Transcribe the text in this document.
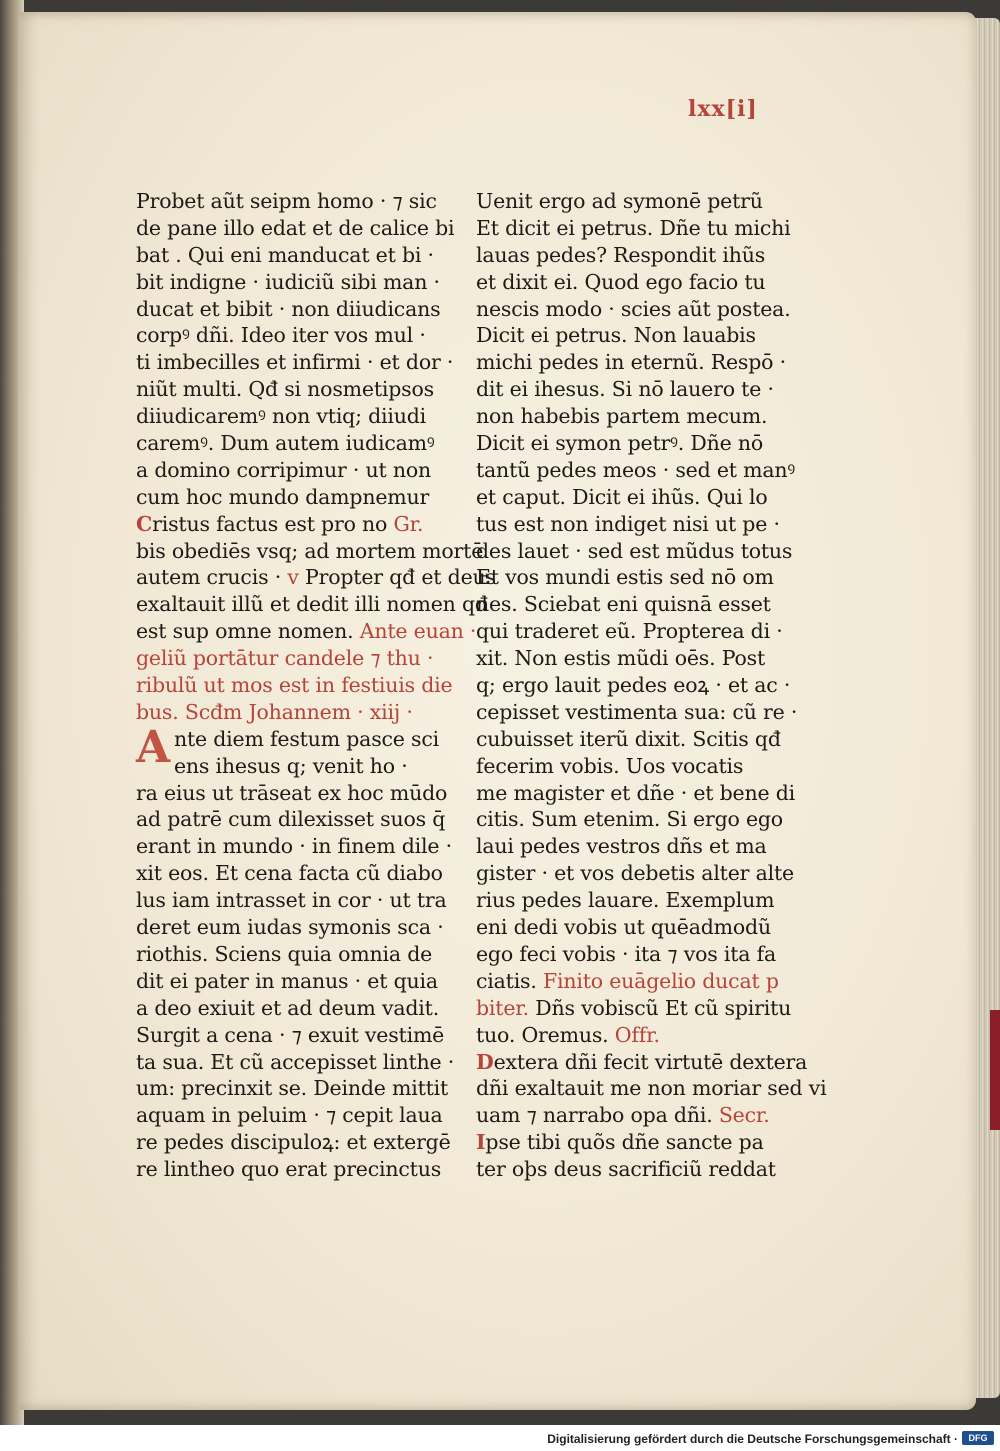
lxx[i]
Probet aũt seipm homo · ⁊ sic
de pane illo edat et de calice bi
bat . Qui eni manducat et bi ·
bit indigne · iudiciũ sibi man ·
ducat et bibit · non diiudicans
corpꝰ dñi. Ideo iter vos mul ·
ti imbecilles et infirmi · et dor ·
niũt multi. Qđ si nosmetipsos
diiudicaremꝰ non vtiq; diiudi
caremꝰ. Dum autem iudicamꝰ
a domino corripimur · ut non
cum hoc mundo dampnemur
Cristus factus est pro no Gr.
bis obediēs vsq; ad mortem mortē
autem crucis · v Propter qđ et deus
exaltauit illũ et dedit illi nomen qđ
est sup omne nomen. Ante euan ·
geliũ portātur candele ⁊ thu ·
ribulũ ut mos est in festiuis die
bus. Scđm Johannem · xiij ·
Ante diem festum pasce sci
ens ihesus q; venit ho ·
ra eius ut trāseat ex hoc mūdo
ad patrē cum dilexisset suos q̄
erant in mundo · in finem dile ·
xit eos. Et cena facta cũ diabo
lus iam intrasset in cor · ut tra
deret eum iudas symonis sca ·
riothis. Sciens quia omnia de
dit ei pater in manus · et quia
a deo exiuit et ad deum vadit.
Surgit a cena · ⁊ exuit vestimē
ta sua. Et cũ accepisset linthe ·
um: precinxit se. Deinde mittit
aquam in peluim · ⁊ cepit laua
re pedes discipuloꝝ: et extergē
re lintheo quo erat precinctus
Uenit ergo ad symonē petrũ
Et dicit ei petrus. Dñe tu michi
lauas pedes? Respondit ihũs
et dixit ei. Quod ego facio tu
nescis modo · scies aũt postea.
Dicit ei petrus. Non lauabis
michi pedes in eternũ. Respō ·
dit ei ihesus. Si nō lauero te ·
non habebis partem mecum.
Dicit ei symon petrꝰ. Dñe nō
tantũ pedes meos · sed et manꝰ
et caput. Dicit ei ihũs. Qui lo
tus est non indiget nisi ut pe ·
des lauet · sed est mũdus totus
Et vos mundi estis sed nō om
nes. Sciebat eni quisnā esset
qui traderet eũ. Propterea di ·
xit. Non estis mũdi oēs. Post
q; ergo lauit pedes eoꝝ · et ac ·
cepisset vestimenta sua: cũ re ·
cubuisset iterũ dixit. Scitis qđ
fecerim vobis. Uos vocatis
me magister et dñe · et bene di
citis. Sum etenim. Si ergo ego
laui pedes vestros dñs et ma
gister · et vos debetis alter alte
rius pedes lauare. Exemplum
eni dedi vobis ut quēadmodũ
ego feci vobis · ita ⁊ vos ita fa
ciatis. Finito euāgelio ducat p
biter. Dñs vobiscũ Et cũ spiritu
tuo. Oremus. Offr.
Dextera dñi fecit virtutē dextera
dñi exaltauit me non moriar sed vi
uam ⁊ narrabo opa dñi. Secr.
Ipse tibi quõs dñe sancte pa
ter oþs deus sacrificiũ reddat
Digitalisierung gefördert durch die Deutsche Forschungsgemeinschaft ·	DFG
